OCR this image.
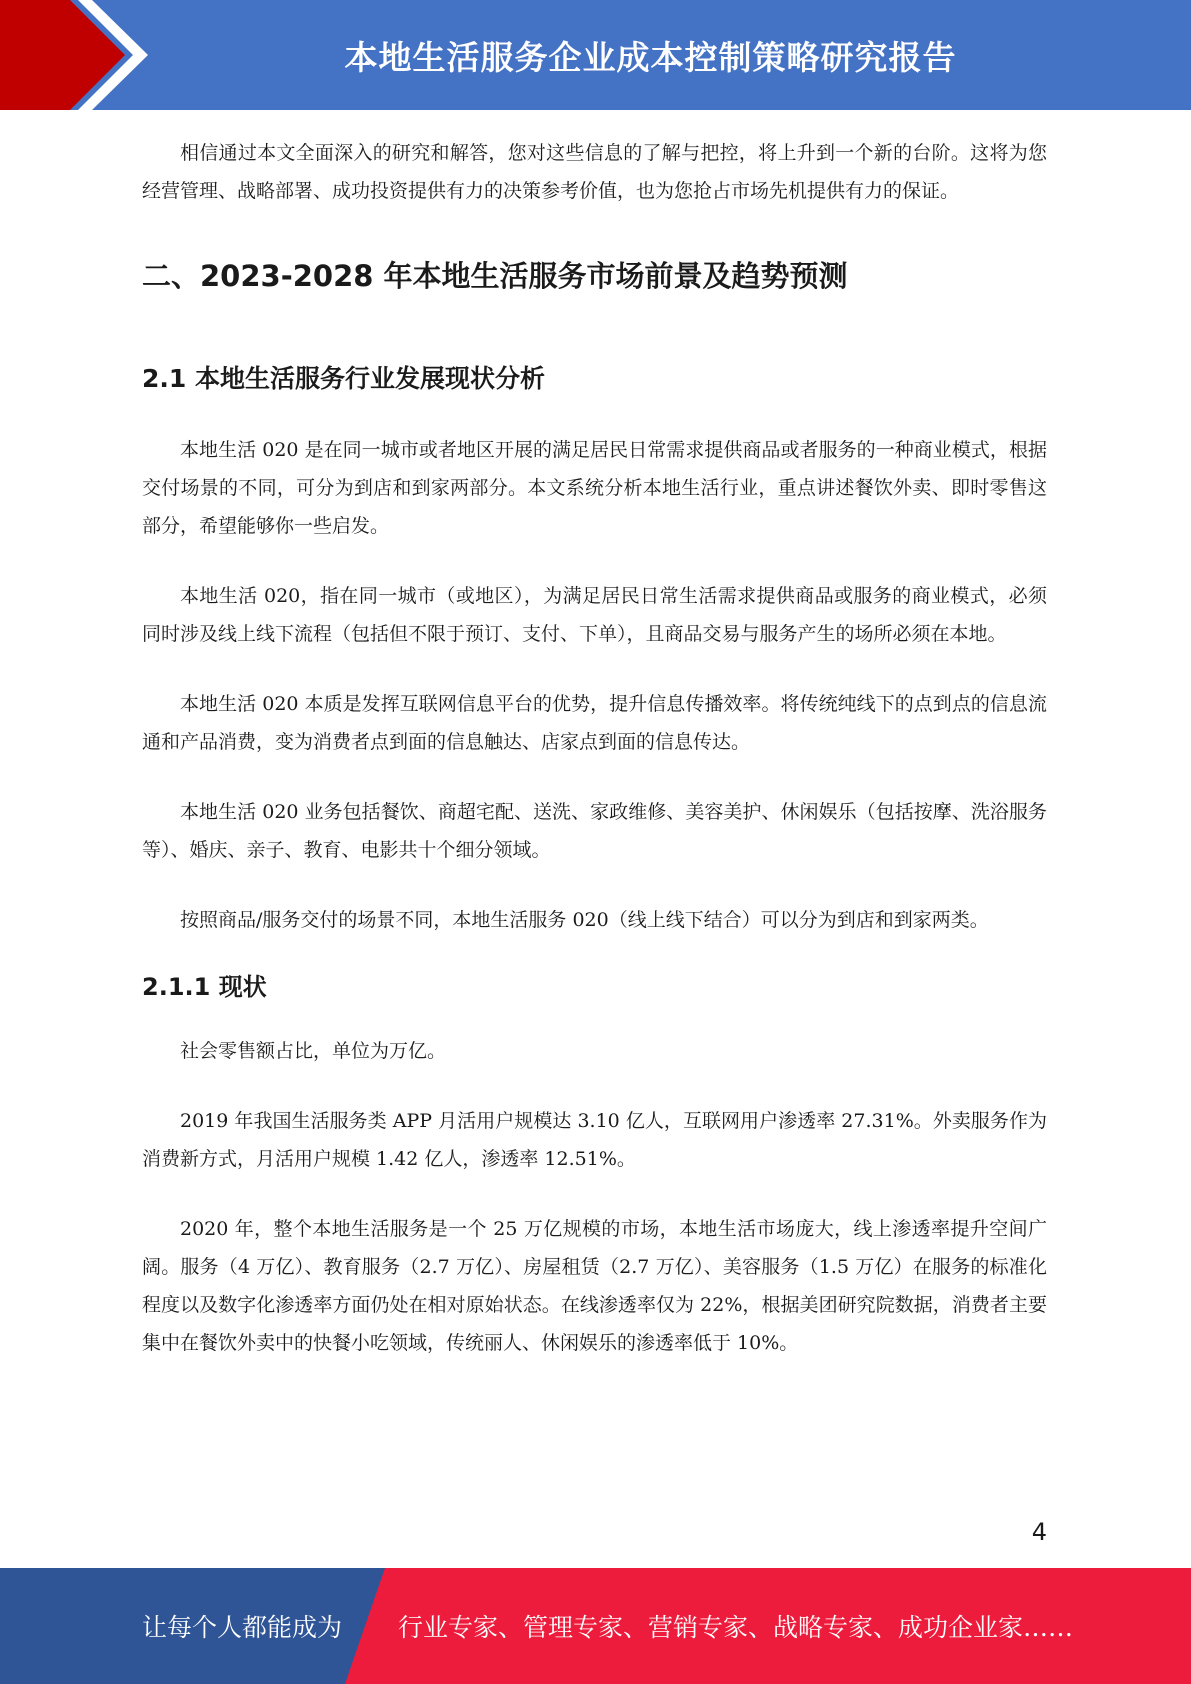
本地生活服务企业成本控制策略研究报告

相信通过本文全面深入的研究和解答，您对这些信息的了解与把控，将上升到一个新的台阶。这将为您经营管理、战略部署、成功投资提供有力的决策参考价值，也为您抢占市场先机提供有力的保证。

二、2023-2028 年本地生活服务市场前景及趋势预测
2.1 本地生活服务行业发展现状分析

本地生活 020 是在同一城市或者地区开展的满足居民日常需求提供商品或者服务的一种商业模式，根据交付场景的不同，可分为到店和到家两部分。本文系统分析本地生活行业，重点讲述餐饮外卖、即时零售这部分，希望能够你一些启发。

本地生活 020，指在同一城市（或地区），为满足居民日常生活需求提供商品或服务的商业模式，必须同时涉及线上线下流程（包括但不限于预订、支付、下单），且商品交易与服务产生的场所必须在本地。

本地生活 020 本质是发挥互联网信息平台的优势，提升信息传播效率。将传统纯线下的点到点的信息流通和产品消费，变为消费者点到面的信息触达、店家点到面的信息传达。

本地生活 020 业务包括餐饮、商超宅配、送洗、家政维修、美容美护、休闲娱乐（包括按摩、洗浴服务等）、婚庆、亲子、教育、电影共十个细分领域。

按照商品/服务交付的场景不同，本地生活服务 020（线上线下结合）可以分为到店和到家两类。

2.1.1 现状

社会零售额占比，单位为万亿。

2019 年我国生活服务类 APP 月活用户规模达 3.10 亿人，互联网用户渗透率 27.31%。外卖服务作为消费新方式，月活用户规模 1.42 亿人，渗透率 12.51%。

2020 年，整个本地生活服务是一个 25 万亿规模的市场，本地生活市场庞大，线上渗透率提升空间广阔。服务（4 万亿）、教育服务（2.7 万亿）、房屋租赁（2.7 万亿）、美容服务（1.5 万亿）在服务的标准化程度以及数字化渗透率方面仍处在相对原始状态。在线渗透率仅为 22%，根据美团研究院数据，消费者主要集中在餐饮外卖中的快餐小吃领域，传统丽人、休闲娱乐的渗透率低于 10%。

4
让每个人都能成为 行业专家、管理专家、营销专家、战略专家、成功企业家……
